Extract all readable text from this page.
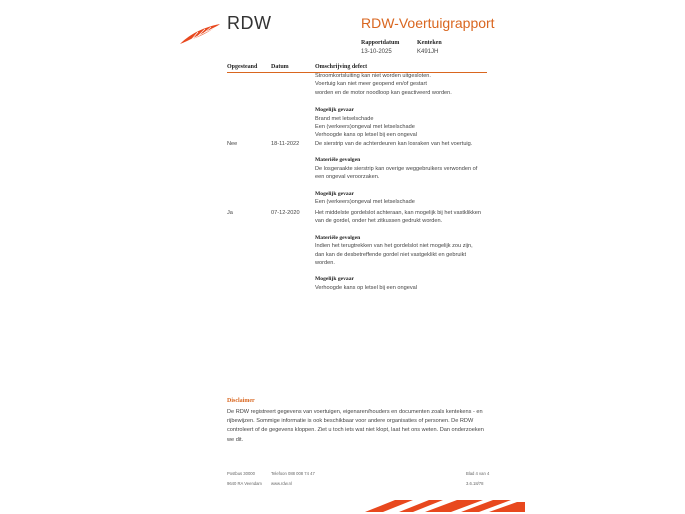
RDW	RDW-Voertuigrapport
Rapportdatum
13-10-2025
Kenteken
K491JH
Opgesteand Datum	Omschrijving defect
Stroomkortsluiting kan niet worden uitgesloten.
Voertuig kan niet meer geopend en/of gestart
worden en de motor noodloop kan geactiveerd worden.
Mogelijk gevaar
Brand met letselschade
Een (verkeers)ongeval met letselschade
Verhoogde kans op letsel bij een ongeval
Nee	18-11-2022	De sierstrip van de achterdeuren kan losraken van het voertuig.
Materiële gevolgen
De losgeraakte sierstrip kan overige weggebruikers verwonden of
een ongeval veroorzaken.
Mogelijk gevaar
Een (verkeers)ongeval met letselschade
Ja	07-12-2020	Het middelste gordelslot achteraan, kan mogelijk bij het vastklikken
van de gordel, onder het zitkussen gedrukt worden.
Materiële gevolgen
Indien het terugtrekken van het gordelslot niet mogelijk zou zijn,
dan kan de desbetreffende gordel niet vastgeklikt en gebruikt
worden.
Mogelijk gevaar
Verhoogde kans op letsel bij een ongeval
Disclaimer
De RDW registreert gegevens van voertuigen, eigenaren/houders en documenten zoals kentekens - en rijbewijzen. Sommige informatie is ook beschikbaar voor andere organisaties of personen. De RDW controleert of de gegevens kloppen. Ziet u toch iets wat niet klopt, laat het ons weten. Dan onderzoeken we dit.
Postbus 30000
9640 RA Veendam
Telefoon 088 008 74 47
www.rdw.nl
Blad 4 van 4
3.6.18/78
